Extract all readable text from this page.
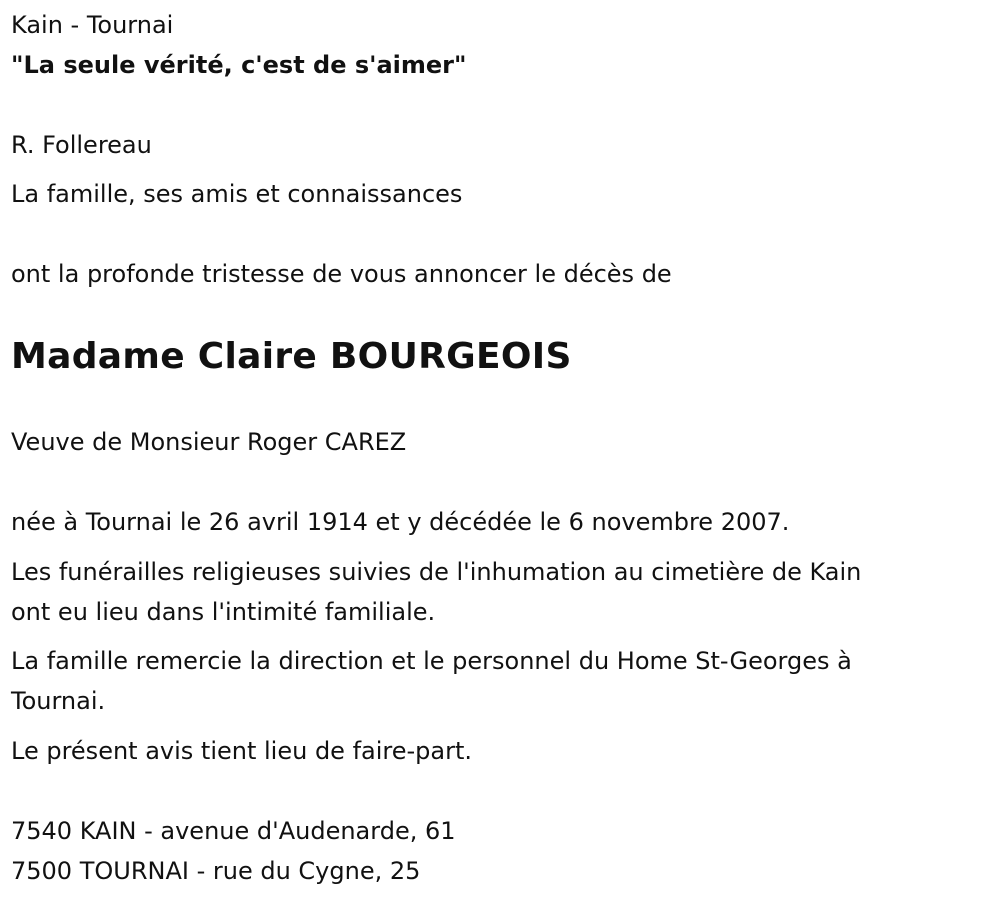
Kain - Tournai

"La seule vérité, c'est de s'aimer"

R. Follereau

La famille, ses amis et connaissances

ont la profonde tristesse de vous annoncer le décès de

Madame Claire BOURGEOIS

Veuve de Monsieur Roger CAREZ

née à Tournai le 26 avril 1914 et y décédée le 6 novembre 2007.

Les funérailles religieuses suivies de l'inhumation au cimetière de Kain

ont eu lieu dans l'intimité familiale.

La famille remercie la direction et le personnel du Home St-Georges à

Tournai.

Le présent avis tient lieu de faire-part.

7540 KAIN - avenue d'Audenarde, 61

7500 TOURNAI - rue du Cygne, 25
